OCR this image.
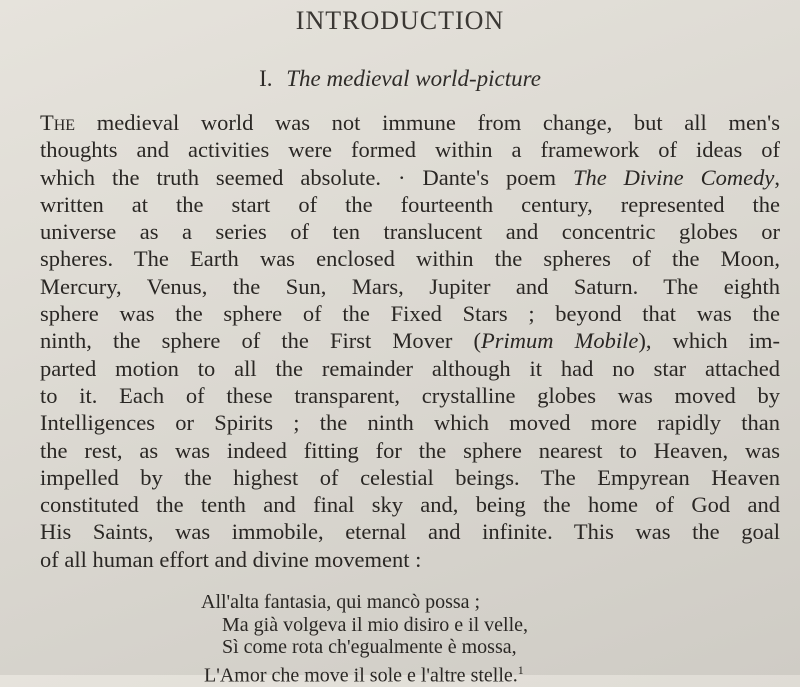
INTRODUCTION
I. The medieval world-picture
The medieval world was not immune from change, but all men's
thoughts and activities were formed within a framework of ideas of
which the truth seemed absolute. · Dante's poem The Divine Comedy,
written at the start of the fourteenth century, represented the
universe as a series of ten translucent and concentric globes or
spheres. The Earth was enclosed within the spheres of the Moon,
Mercury, Venus, the Sun, Mars, Jupiter and Saturn. The eighth
sphere was the sphere of the Fixed Stars ; beyond that was the
ninth, the sphere of the First Mover (Primum Mobile), which im-
parted motion to all the remainder although it had no star attached
to it. Each of these transparent, crystalline globes was moved by
Intelligences or Spirits ; the ninth which moved more rapidly than
the rest, as was indeed fitting for the sphere nearest to Heaven, was
impelled by the highest of celestial beings. The Empyrean Heaven
constituted the tenth and final sky and, being the home of God and
His Saints, was immobile, eternal and infinite. This was the goal
of all human effort and divine movement :
All'alta fantasia, qui mancò possa ;
Ma già volgeva il mio disiro e il velle,
Sì come rota ch'egualmente è mossa,
L'Amor che move il sole e l'altre stelle.$^1$
